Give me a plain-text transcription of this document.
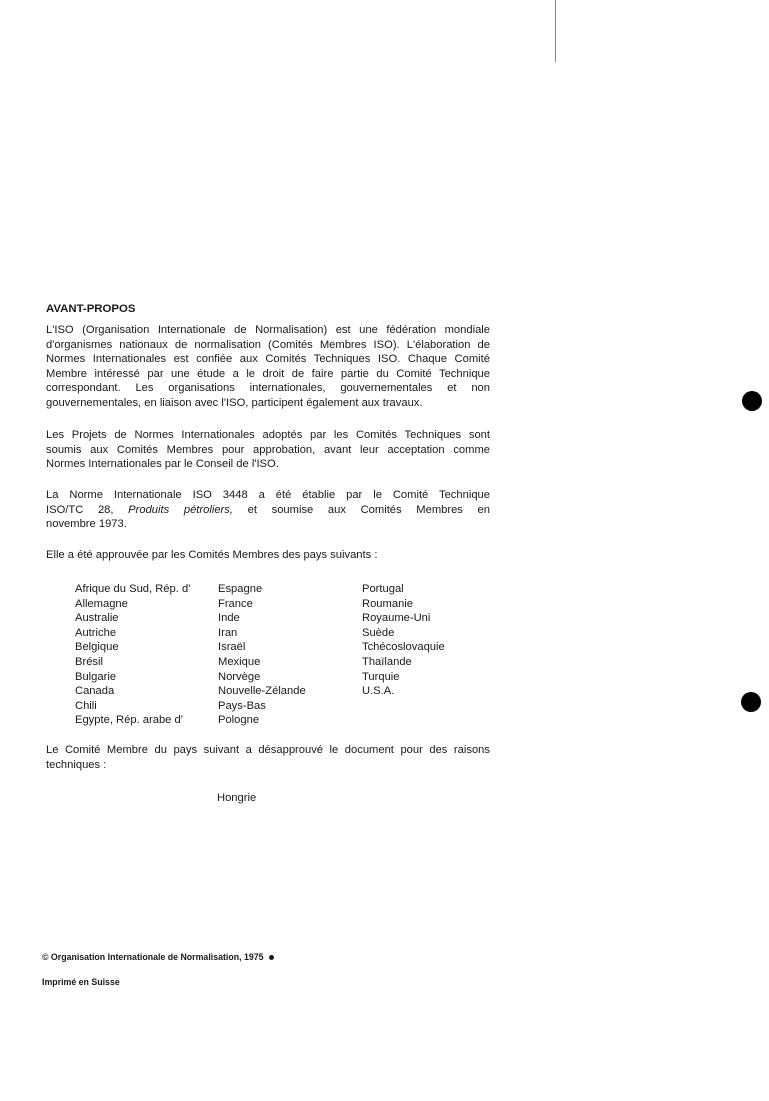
AVANT-PROPOS
L'ISO (Organisation Internationale de Normalisation) est une fédération mondiale
d'organismes nationaux de normalisation (Comités Membres ISO). L'élaboration de
Normes Internationales est confiée aux Comités Techniques ISO. Chaque Comité
Membre intéressé par une étude a le droit de faire partie du Comité Technique
correspondant. Les organisations internationales, gouvernementales et non
gouvernementales, en liaison avec l'ISO, participent également aux travaux.
Les Projets de Normes Internationales adoptés par les Comités Techniques sont
soumis aux Comités Membres pour approbation, avant leur acceptation comme
Normes Internationales par le Conseil de l'ISO.
La Norme Internationale ISO 3448 a été établie par le Comité Technique
ISO/TC 28, Produits pétroliers, et soumise aux Comités Membres en
novembre 1973.
Elle a été approuvée par les Comités Membres des pays suivants :
Afrique du Sud, Rép. d'
Allemagne
Australie
Autriche
Belgique
Brésil
Bulgarie
Canada
Chili
Egypte, Rép. arabe d'
Espagne
France
Inde
Iran
Israël
Mexique
Norvège
Nouvelle-Zélande
Pays-Bas
Pologne
Portugal
Roumanie
Royaume-Uni
Suède
Tchécoslovaquie
Thaïlande
Turquie
U.S.A.
Le Comité Membre du pays suivant a désapprouvé le document pour des raisons
techniques :
Hongrie
© Organisation Internationale de Normalisation, 1975
Imprimé en Suisse
